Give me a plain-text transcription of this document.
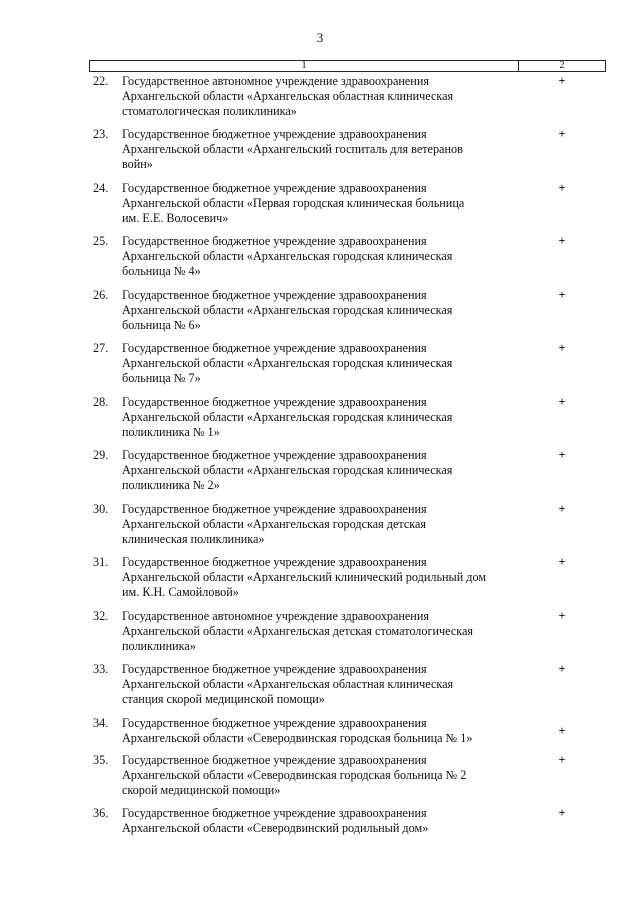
3
1	2
22.	Государственное автономное учреждение здравоохранения
Архангельской области «Архангельская областная клиническая
стоматологическая поликлиника»
+
23.	Государственное бюджетное учреждение здравоохранения
Архангельской области «Архангельский госпиталь для ветеранов
войн»
+
24.	Государственное бюджетное учреждение здравоохранения
Архангельской области «Первая городская клиническая больница
им. Е.Е. Волосевич»
+
25.	Государственное бюджетное учреждение здравоохранения
Архангельской области «Архангельская городская клиническая
больница № 4»
+
26.	Государственное бюджетное учреждение здравоохранения
Архангельской области «Архангельская городская клиническая
больница № 6»
+
27.	Государственное бюджетное учреждение здравоохранения
Архангельской области «Архангельская городская клиническая
больница № 7»
+
28.	Государственное бюджетное учреждение здравоохранения
Архангельской области «Архангельская городская клиническая
поликлиника № 1»
+
29.	Государственное бюджетное учреждение здравоохранения
Архангельской области «Архангельская городская клиническая
поликлиника № 2»
+
30.	Государственное бюджетное учреждение здравоохранения
Архангельской области «Архангельская городская детская
клиническая поликлиника»
+
31.	Государственное бюджетное учреждение здравоохранения
Архангельской области «Архангельский клинический родильный дом
им. К.Н. Самойловой»
+
32.	Государственное автономное учреждение здравоохранения
Архангельской области «Архангельская детская стоматологическая
поликлиника»
+
33.	Государственное бюджетное учреждение здравоохранения
Архангельской области «Архангельская областная клиническая
станция скорой медицинской помощи»
+
34.	Государственное бюджетное учреждение здравоохранения
Архангельской области «Северодвинская городская больница № 1»	+
35.	Государственное бюджетное учреждение здравоохранения
Архангельской области «Северодвинская городская больница № 2
скорой медицинской помощи»
+
36.	Государственное бюджетное учреждение здравоохранения
Архангельской области «Северодвинский родильный дом»
+
